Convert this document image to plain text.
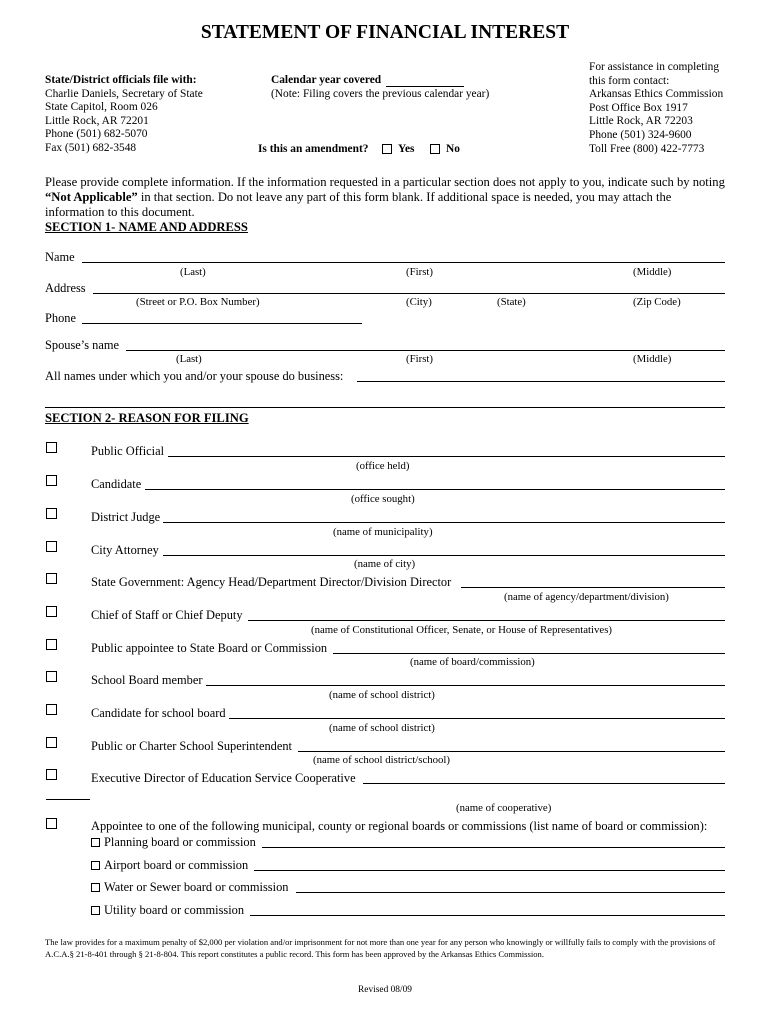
STATEMENT OF FINANCIAL INTEREST
State/District officials file with:
Charlie Daniels, Secretary of State
State Capitol, Room 026
Little Rock, AR 72201
Phone (501) 682-5070
Fax (501) 682-3548
Calendar year covered
(Note: Filing covers the previous calendar year)
Is this an amendment?	Yes	No
For assistance in completing
this form contact:
Arkansas Ethics Commission
Post Office Box 1917
Little Rock, AR 72203
Phone (501) 324-9600
Toll Free (800) 422-7773
Please provide complete information. If the information requested in a particular section does not apply to you, indicate such by noting “Not Applicable” in that section. Do not leave any part of this form blank. If additional space is needed, you may attach the information to this document.
SECTION 1- NAME AND ADDRESS
Name
(Last)	(First)	(Middle)
Address
(Street or P.O. Box Number)	(City)	(State)	(Zip Code)
Phone
Spouse’s name
(Last)	(First)	(Middle)
All names under which you and/or your spouse do business:
SECTION 2- REASON FOR FILING
Public Official
(office held)
Candidate
(office sought)
District Judge
(name of municipality)
City Attorney
(name of city)
State Government: Agency Head/Department Director/Division Director
(name of agency/department/division)
Chief of Staff or Chief Deputy
(name of Constitutional Officer, Senate, or House of Representatives)
Public appointee to State Board or Commission
(name of board/commission)
School Board member
(name of school district)
Candidate for school board
(name of school district)
Public or Charter School Superintendent
(name of school district/school)
Executive Director of Education Service Cooperative
(name of cooperative)
Appointee to one of the following municipal, county or regional boards or commissions (list name of board or commission):
Planning board or commission
Airport board or commission
Water or Sewer board or commission
Utility board or commission
The law provides for a maximum penalty of $2,000 per violation and/or imprisonment for not more than one year for any person who knowingly or willfully fails to comply with the provisions of A.C.A.§ 21-8-401 through § 21-8-804. This report constitutes a public record. This form has been approved by the Arkansas Ethics Commission.
Revised 08/09
